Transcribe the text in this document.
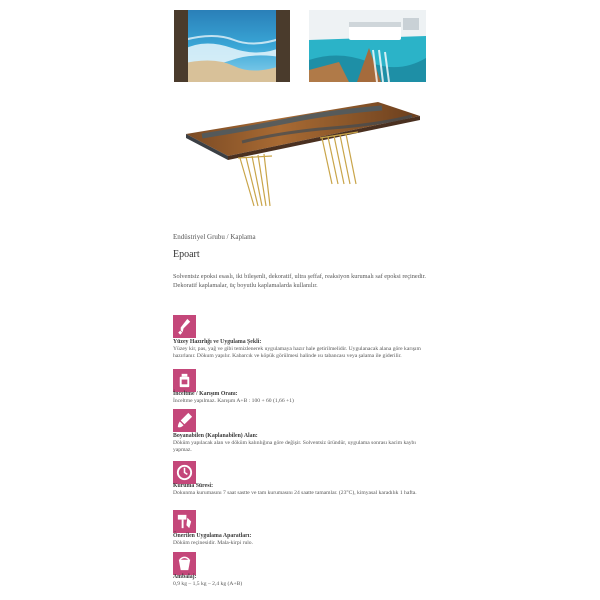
Endüstriyel Grubu / Kaplama
Epoart

Solventsiz epoksi esaslı, iki bileşenli, dekoratif, ultra şeffaf, reaksiyon kurumalı saf epoksi reçinedir. Dekoratif kaplamalar, üç boyutlu kaplamalarda kullanılır.

Yüzey Hazırlığı ve Uygulama Şekli:
Yüzey kir, pas, yağ ve gibi temizlenerek uygulamaya hazır hale getirilmelidir. Uygulanacak alana göre karışım hazırlanır. Dökum yapılır. Kabarcık ve köpük görülmesi halinde ısı tabancası veya şalama ile giderilir.
İnceltme / Karışım Oranı:
İnceltme yapılmaz. Karışım A+B : 100 + 60 (1,66 +1)
Boyanabilen (Kaplanabilen) Alan:
Döküm yapılacak alan ve döküm kalınlığına göre değişir. Solventsiz üründür, uygulama sonrası kacim kaybı yapmaz.
Kuruma Süresi:
Dokunma kurumasını 7 saat sastte ve tam kurumasını 24 saatte tamamlar. (23°C), kimyasal karadılık 1 hafta.
Önerilen Uygulama Aparatları:
Döküm reçinesidir. Mala-kirpi rulo.
Ambalaj:
0,9 kg – 1,5 kg – 2,4 kg (A+B)
